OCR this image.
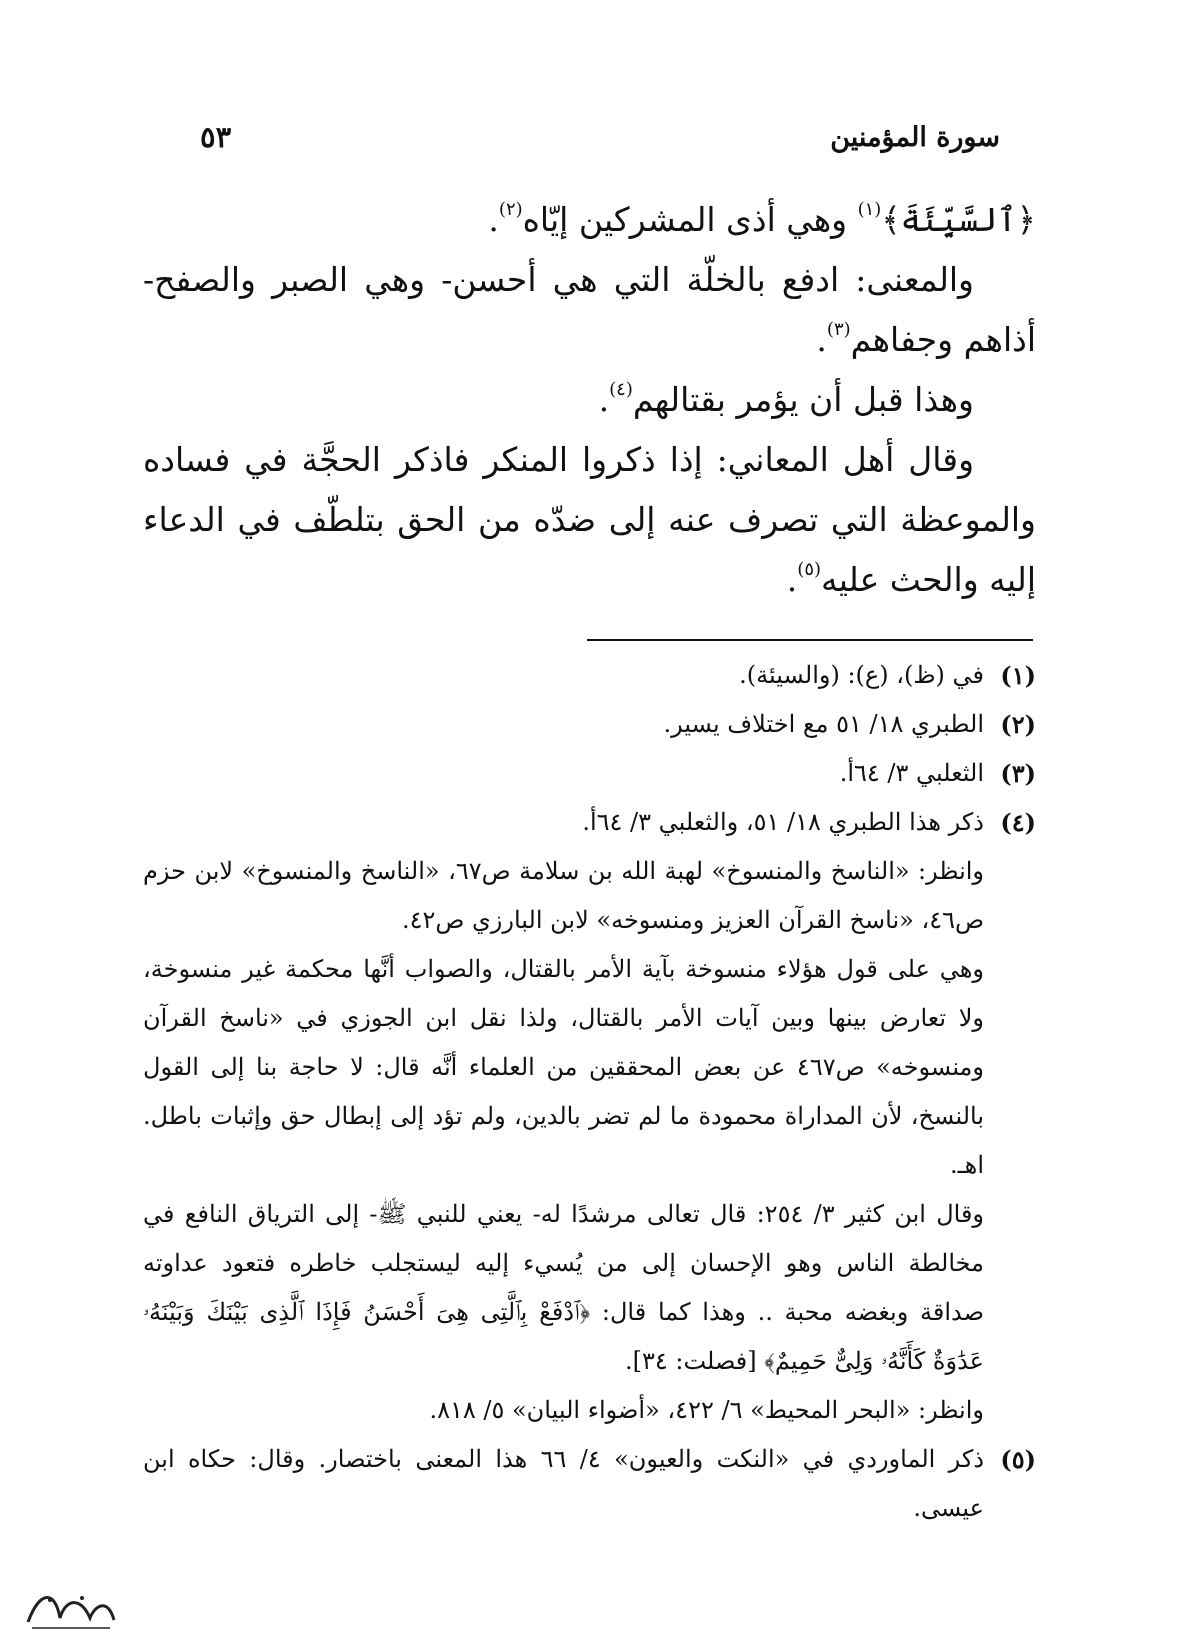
سورة المؤمنين
٥٣

﴿ٱلسَّيِّئَةَ﴾$^{(١)}$ وهي أذى المشركين إيّاه$^{(٢)}$.

والمعنى: ادفع بالخلّة التي هي أحسن- وهي الصبر والصفح- أذاهم وجفاهم$^{(٣)}$.

وهذا قبل أن يؤمر بقتالهم$^{(٤)}$.

وقال أهل المعاني: إذا ذكروا المنكر فاذكر الحجَّة في فساده والموعظة التي تصرف عنه إلى ضدّه من الحق بتلطّف في الدعاء إليه والحث عليه$^{(٥)}$.

(١)
في (ظ)، (ع): (والسيئة).

(٢)
الطبري ١٨/ ٥١ مع اختلاف يسير.

(٣)
الثعلبي ٣/ ٦٤أ.

(٤)
ذكر هذا الطبري ١٨/ ٥١، والثعلبي ٣/ ٦٤أ.

وانظر: «الناسخ والمنسوخ» لهبة الله بن سلامة ص٦٧، «الناسخ والمنسوخ» لابن حزم ص٤٦، «ناسخ القرآن العزيز ومنسوخه» لابن البارزي ص٤٢.

وهي على قول هؤلاء منسوخة بآية الأمر بالقتال، والصواب أنَّها محكمة غير منسوخة، ولا تعارض بينها وبين آيات الأمر بالقتال، ولذا نقل ابن الجوزي في «ناسخ القرآن ومنسوخه» ص٤٦٧ عن بعض المحققين من العلماء أنَّه قال: لا حاجة بنا إلى القول بالنسخ، لأن المداراة محمودة ما لم تضر بالدين، ولم تؤد إلى إبطال حق وإثبات باطل. اهـ.

وقال ابن كثير ٣/ ٢٥٤: قال تعالى مرشدًا له- يعني للنبي ﷺ- إلى الترياق النافع في مخالطة الناس وهو الإحسان إلى من يُسيء إليه ليستجلب خاطره فتعود عداوته صداقة وبغضه محبة .. وهذا كما قال: ﴿ٱدْفَعْ بِٱلَّتِى هِىَ أَحْسَنُ فَإِذَا ٱلَّذِى بَيْنَكَ وَبَيْنَهُۥ عَدَٰوَةٌ كَأَنَّهُۥ وَلِىٌّ حَمِيمٌ﴾ [فصلت: ٣٤].

وانظر: «البحر المحيط» ٦/ ٤٢٢، «أضواء البيان» ٥/ ٨١٨.

(٥)
ذكر الماوردي في «النكت والعيون» ٤/ ٦٦ هذا المعنى باختصار. وقال: حكاه ابن عيسى.
